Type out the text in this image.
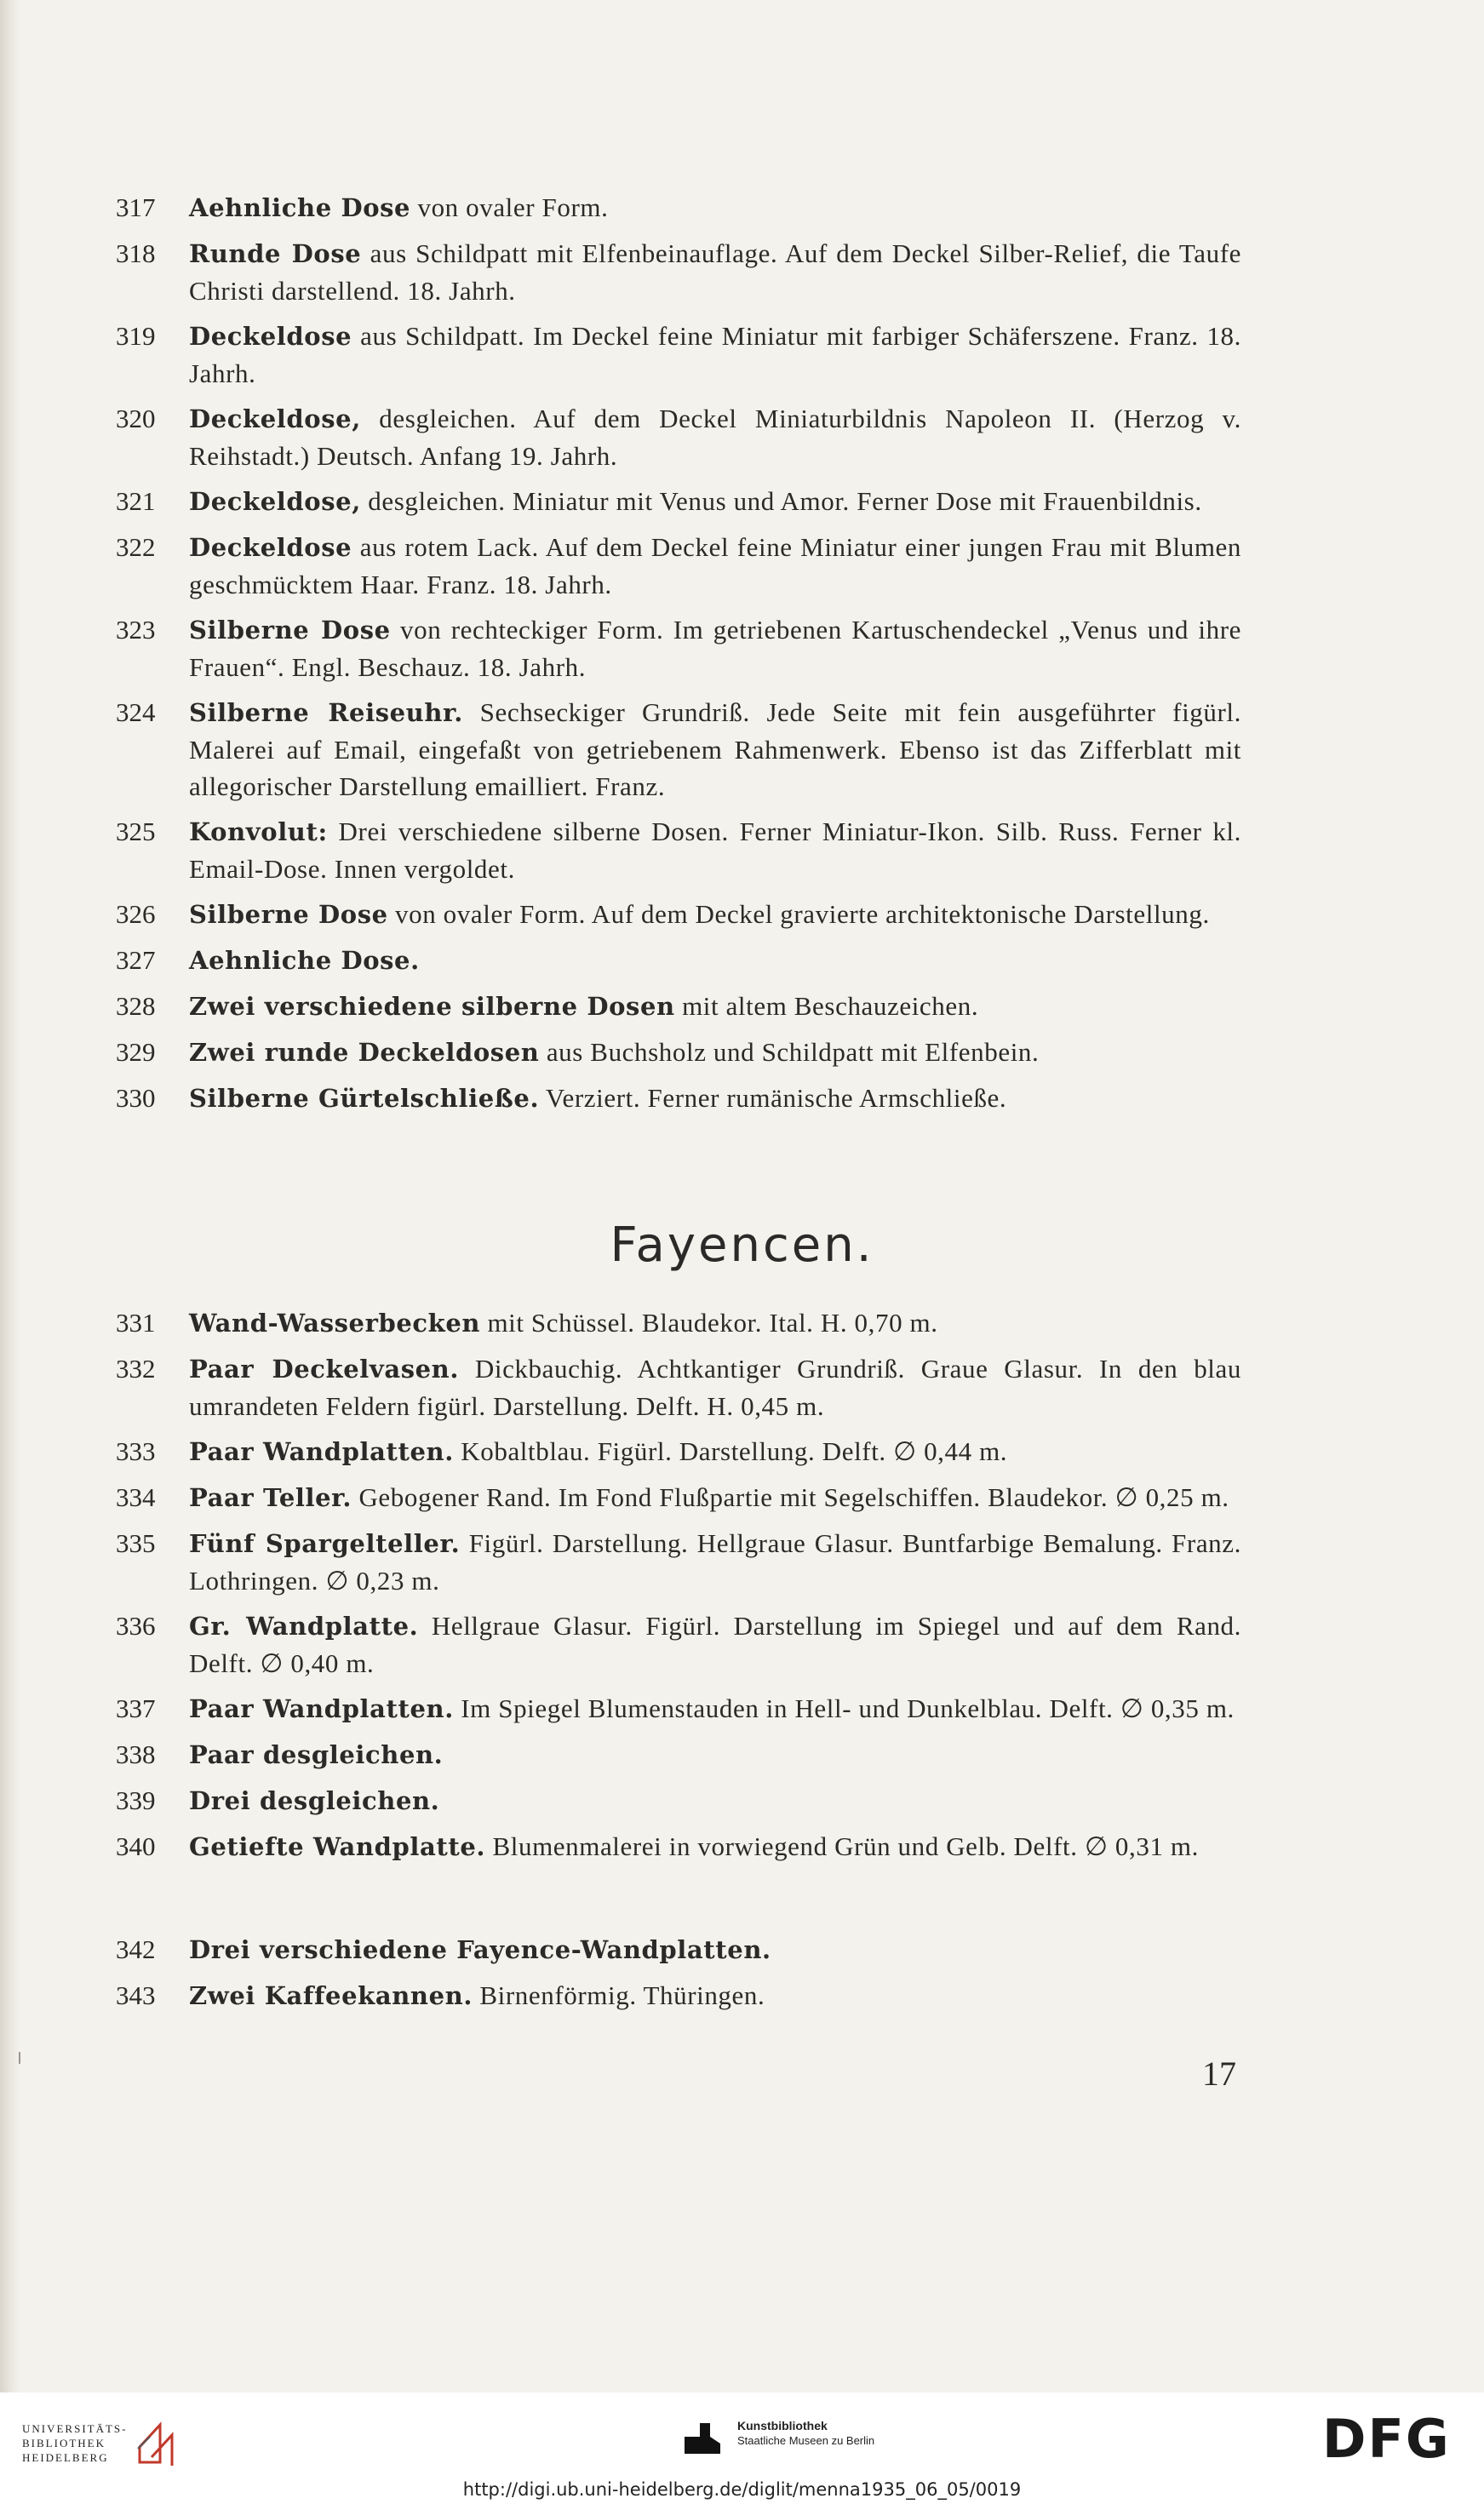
317 Aehnliche Dose von ovaler Form.
318 Runde Dose aus Schildpatt mit Elfenbeinauflage. Auf dem Deckel Silber-Relief, die Taufe Christi darstellend. 18. Jahrh.
319 Deckeldose aus Schildpatt. Im Deckel feine Miniatur mit farbiger Schäferszene. Franz. 18. Jahrh.
320 Deckeldose, desgleichen. Auf dem Deckel Miniaturbildnis Napoleon II. (Herzog v. Reihstadt.) Deutsch. Anfang 19. Jahrh.
321 Deckeldose, desgleichen. Miniatur mit Venus und Amor. Ferner Dose mit Frauenbildnis.
322 Deckeldose aus rotem Lack. Auf dem Deckel feine Miniatur einer jungen Frau mit Blumen geschmücktem Haar. Franz. 18. Jahrh.
323 Silberne Dose von rechteckiger Form. Im getriebenen Kartuschendeckel „Venus und ihre Frauen“. Engl. Beschauz. 18. Jahrh.
324 Silberne Reiseuhr. Sechseckiger Grundriß. Jede Seite mit fein ausgeführter figürl. Malerei auf Email, eingefaßt von getriebenem Rahmenwerk. Ebenso ist das Zifferblatt mit allegorischer Darstellung emailliert. Franz.
325 Konvolut: Drei verschiedene silberne Dosen. Ferner Miniatur-Ikon. Silb. Russ. Ferner kl. Email-Dose. Innen vergoldet.
326 Silberne Dose von ovaler Form. Auf dem Deckel gravierte architektonische Darstellung.
327 Aehnliche Dose.
328 Zwei verschiedene silberne Dosen mit altem Beschauzeichen.
329 Zwei runde Deckeldosen aus Buchsholz und Schildpatt mit Elfenbein.
330 Silberne Gürtelschließe. Verziert. Ferner rumänische Armschließe.
Fayencen.
331 Wand-Wasserbecken mit Schüssel. Blaudekor. Ital. H. 0,70 m.
332 Paar Deckelvasen. Dickbauchig. Achtkantiger Grundriß. Graue Glasur. In den blau umrandeten Feldern figürl. Darstellung. Delft. H. 0,45 m.
333 Paar Wandplatten. Kobaltblau. Figürl. Darstellung. Delft. ∅ 0,44 m.
334 Paar Teller. Gebogener Rand. Im Fond Flußpartie mit Segelschiffen. Blaudekor. ∅ 0,25 m.
335 Fünf Spargelteller. Figürl. Darstellung. Hellgraue Glasur. Buntfarbige Bemalung. Franz. Lothringen. ∅ 0,23 m.
336 Gr. Wandplatte. Hellgraue Glasur. Figürl. Darstellung im Spiegel und auf dem Rand. Delft. ∅ 0,40 m.
337 Paar Wandplatten. Im Spiegel Blumenstauden in Hell- und Dunkelblau. Delft. ∅ 0,35 m.
338 Paar desgleichen.
339 Drei desgleichen.
340 Getiefte Wandplatte. Blumenmalerei in vorwiegend Grün und Gelb. Delft. ∅ 0,31 m.
342 Drei verschiedene Fayence-Wandplatten.
343 Zwei Kaffeekannen. Birnenförmig. Thüringen.
17
UNIVERSITÄTS-
BIBLIOTHEK
HEIDELBERG
Kunstbibliothek
Staatliche Museen zu Berlin	DFG
http://digi.ub.uni-heidelberg.de/diglit/menna1935_06_05/0019
